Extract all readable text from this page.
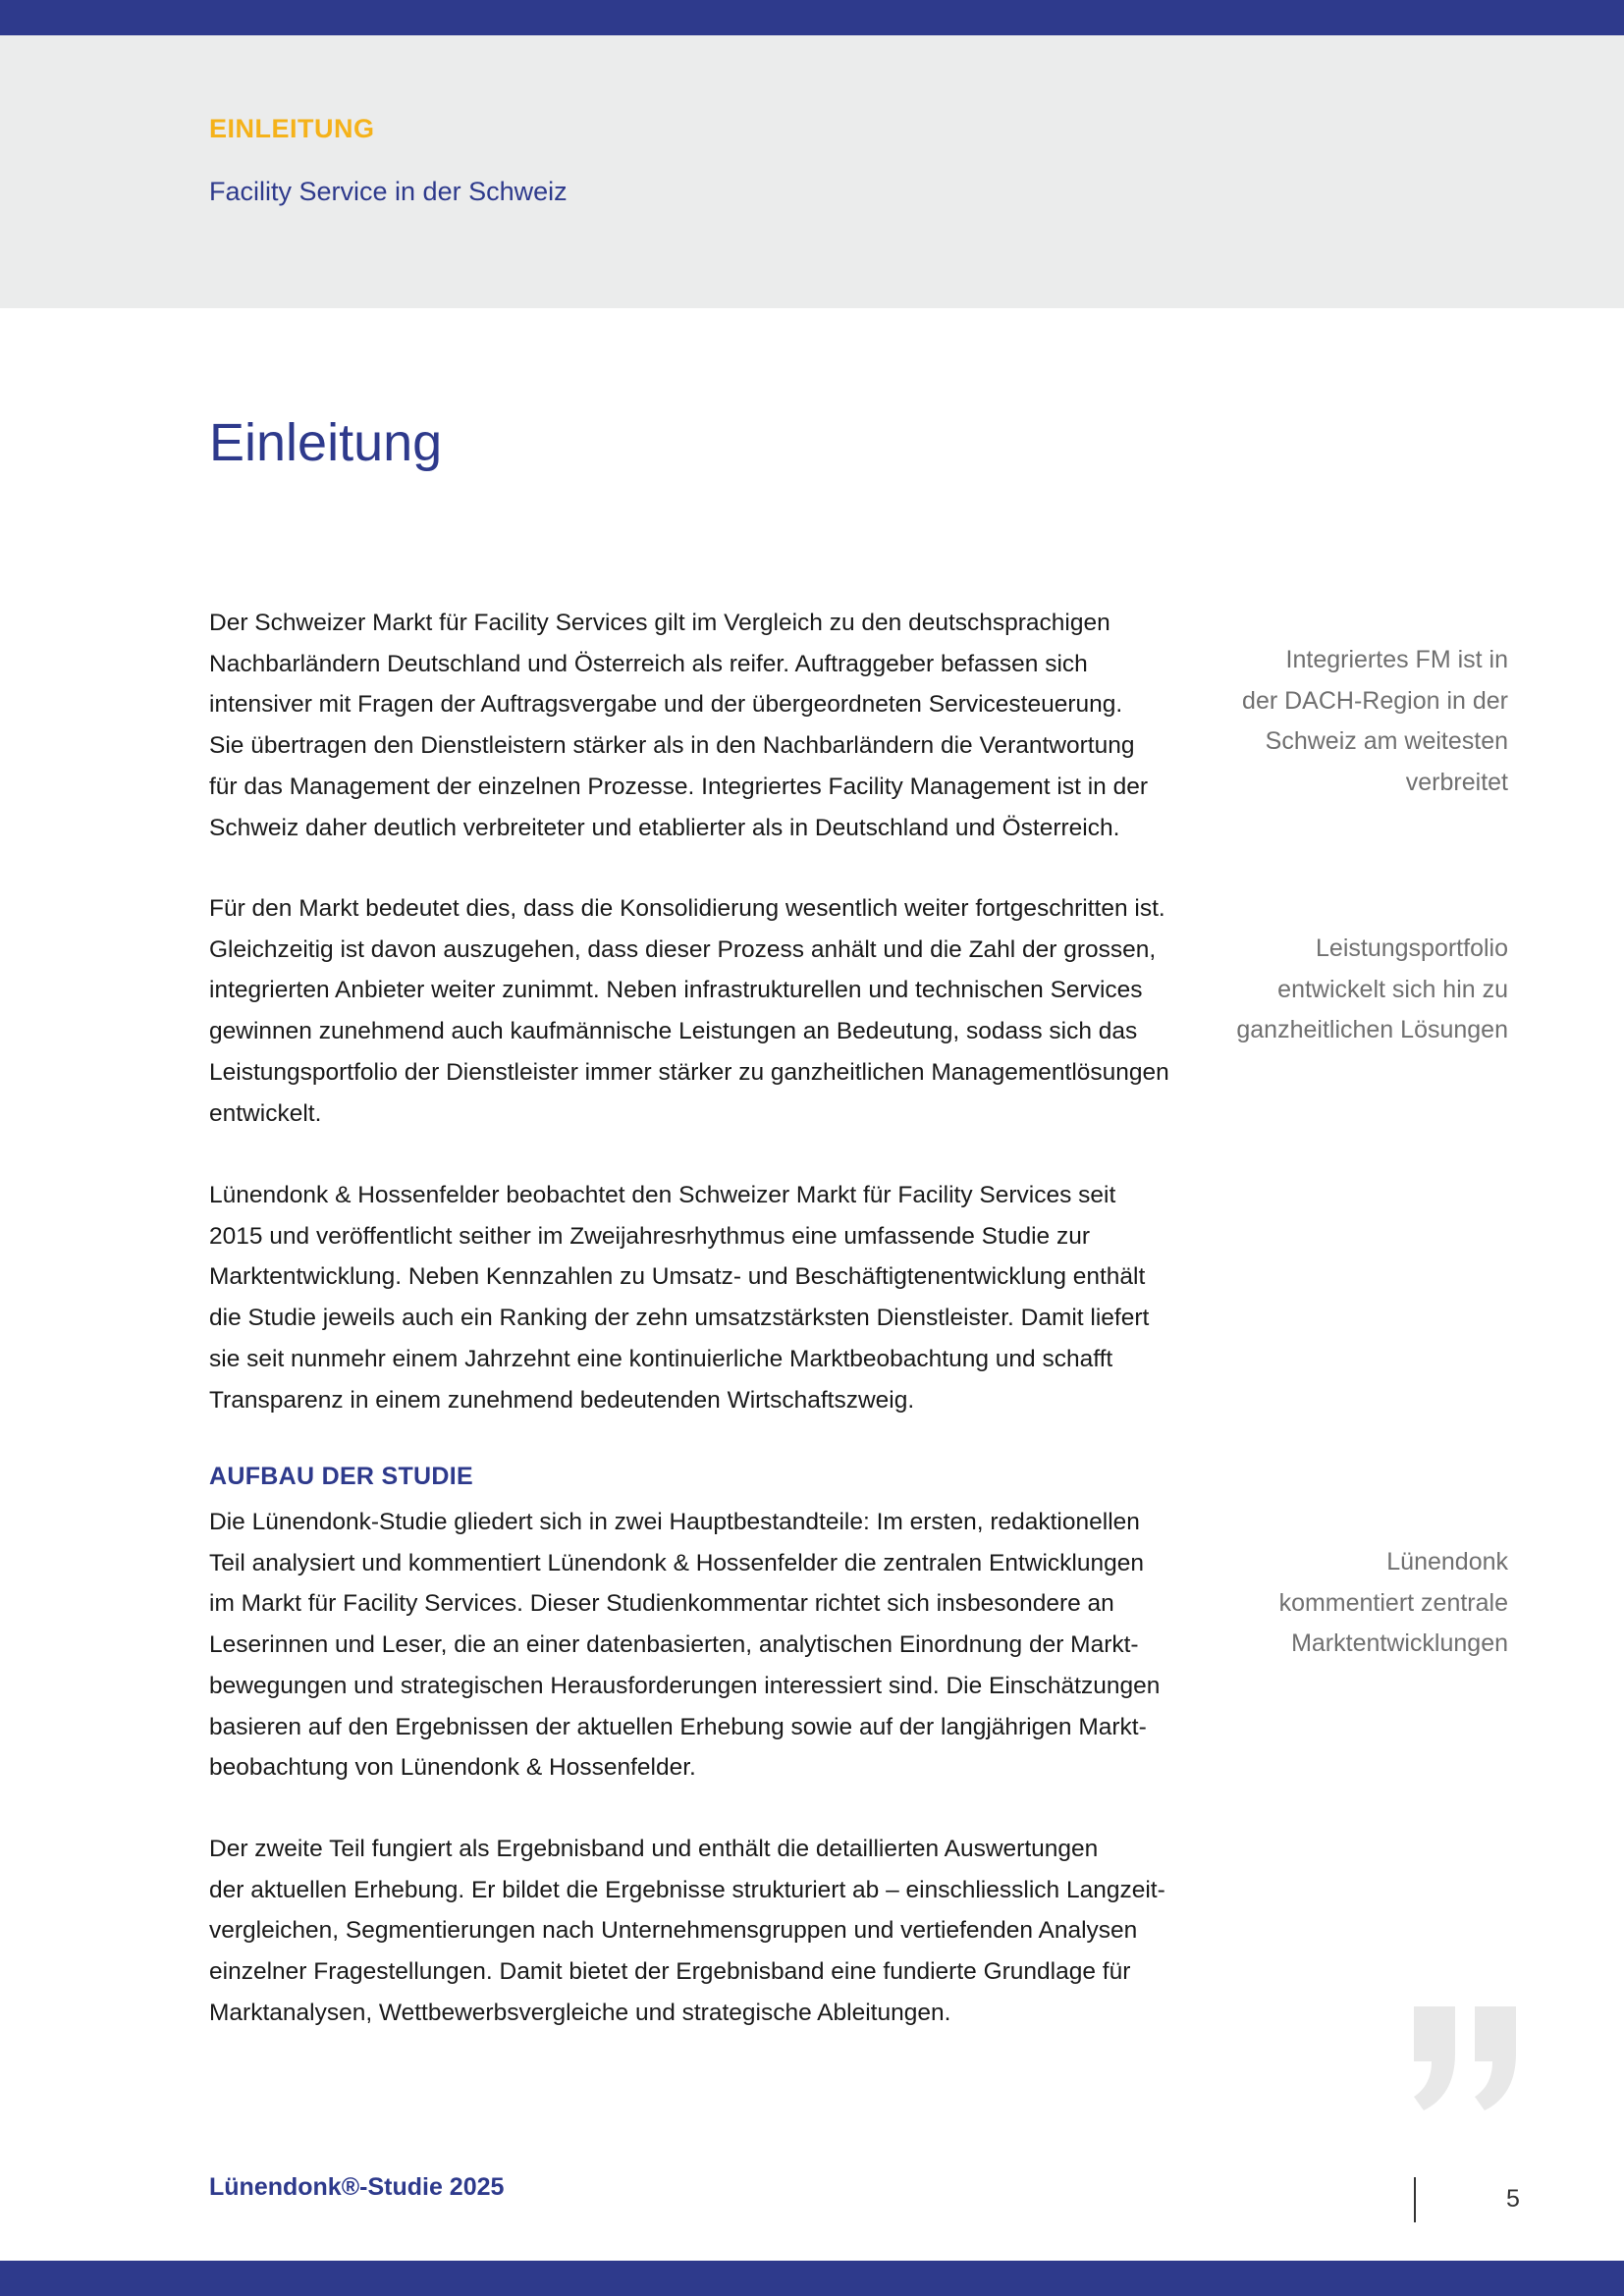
EINLEITUNG
Facility Service in der Schweiz
Einleitung
Der Schweizer Markt für Facility Services gilt im Vergleich zu den deutschsprachigen
Nachbarländern Deutschland und Österreich als reifer. Auftraggeber befassen sich
intensiver mit Fragen der Auftragsvergabe und der übergeordneten Servicesteuerung.
Sie übertragen den Dienstleistern stärker als in den Nachbarländern die Verantwortung
für das Management der einzelnen Prozesse. Integriertes Facility Management ist in der
Schweiz daher deutlich verbreiteter und etablierter als in Deutschland und Österreich.
Für den Markt bedeutet dies, dass die Konsolidierung wesentlich weiter fortgeschritten ist.
Gleichzeitig ist davon auszugehen, dass dieser Prozess anhält und die Zahl der grossen,
integrierten Anbieter weiter zunimmt. Neben infrastrukturellen und technischen Services
gewinnen zunehmend auch kaufmännische Leistungen an Bedeutung, sodass sich das
Leistungsportfolio der Dienstleister immer stärker zu ganzheitlichen Managementlösungen
entwickelt.
Lünendonk & Hossenfelder beobachtet den Schweizer Markt für Facility Services seit
2015 und veröffentlicht seither im Zweijahresrhythmus eine umfassende Studie zur
Marktentwicklung. Neben Kennzahlen zu Umsatz- und Beschäftigtenentwicklung enthält
die Studie jeweils auch ein Ranking der zehn umsatzstärksten Dienstleister. Damit liefert
sie seit nunmehr einem Jahrzehnt eine kontinuierliche Marktbeobachtung und schafft
Transparenz in einem zunehmend bedeutenden Wirtschaftszweig.
AUFBAU DER STUDIE
Die Lünendonk-Studie gliedert sich in zwei Hauptbestandteile: Im ersten, redaktionellen
Teil analysiert und kommentiert Lünendonk & Hossenfelder die zentralen Entwicklungen
im Markt für Facility Services. Dieser Studienkommentar richtet sich insbesondere an
Leserinnen und Leser, die an einer datenbasierten, analytischen Einordnung der Markt-
bewegungen und strategischen Herausforderungen interessiert sind. Die Einschätzungen
basieren auf den Ergebnissen der aktuellen Erhebung sowie auf der langjährigen Markt-
beobachtung von Lünendonk & Hossenfelder.
Der zweite Teil fungiert als Ergebnisband und enthält die detaillierten Auswertungen
der aktuellen Erhebung. Er bildet die Ergebnisse strukturiert ab – einschliesslich Langzeit-
vergleichen, Segmentierungen nach Unternehmensgruppen und vertiefenden Analysen
einzelner Fragestellungen. Damit bietet der Ergebnisband eine fundierte Grundlage für
Marktanalysen, Wettbewerbsvergleiche und strategische Ableitungen.
Integriertes FM ist in
der DACH-Region in der
Schweiz am weitesten
verbreitet
Leistungsportfolio
entwickelt sich hin zu
ganzheitlichen Lösungen
Lünendonk
kommentiert zentrale
Marktentwicklungen
Lünendonk®-Studie 2025	5
